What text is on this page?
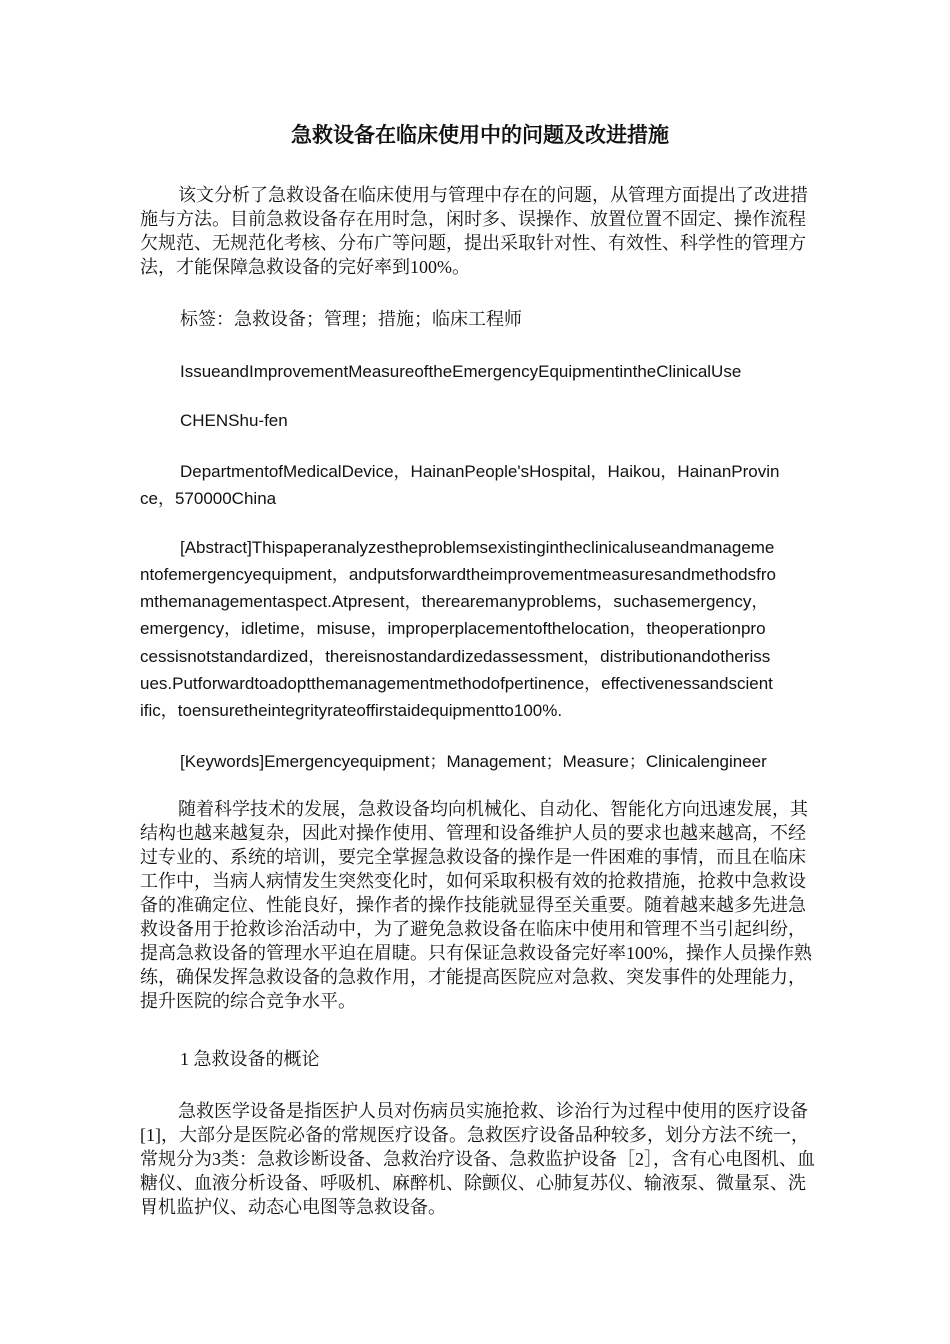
急救设备在临床使用中的问题及改进措施

该文分析了急救设备在临床使用与管理中存在的问题，从管理方面提出了改进措施与方法。目前急救设备存在用时急，闲时多、误操作、放置位置不固定、操作流程欠规范、无规范化考核、分布广等问题，提出采取针对性、有效性、科学性的管理方法，才能保障急救设备的完好率到100%。

标签：急救设备；管理；措施；临床工程师

IssueandImprovementMeasureoftheEmergencyEquipmentintheClinicalUse

CHENShu-fen

DepartmentofMedicalDevice，HainanPeople'sHospital，Haikou，HainanProvin

ce，570000China

[Abstract]Thispaperanalyzestheproblemsexistingintheclinicaluseandmanageme

ntofemergencyequipment，andputsforwardtheimprovementmeasuresandmethodsfro

mthemanagementaspect.Atpresent，therearemanyproblems，suchasemergency，

emergency，idletime，misuse，improperplacementofthelocation，theoperationpro

cessisnotstandardized，thereisnostandardizedassessment，distributionandotheriss

ues.Putforwardtoadoptthemanagementmethodofpertinence，effectivenessandscient

ific，toensuretheintegrityrateoffirstaidequipmentto100%.

[Keywords]Emergencyequipment；Management；Measure；Clinicalengineer

随着科学技术的发展，急救设备均向机械化、自动化、智能化方向迅速发展，其结构也越来越复杂，因此对操作使用、管理和设备维护人员的要求也越来越高，不经过专业的、系统的培训，要完全掌握急救设备的操作是一件困难的事情，而且在临床工作中，当病人病情发生突然变化时，如何采取积极有效的抢救措施，抢救中急救设备的准确定位、性能良好，操作者的操作技能就显得至关重要。随着越来越多先进急救设备用于抢救诊治活动中，为了避免急救设备在临床中使用和管理不当引起纠纷，提高急救设备的管理水平迫在眉睫。只有保证急救设备完好率100%，操作人员操作熟练，确保发挥急救设备的急救作用，才能提高医院应对急救、突发事件的处理能力，提升医院的综合竞争水平。

1 急救设备的概论

急救医学设备是指医护人员对伤病员实施抢救、诊治行为过程中使用的医疗设备[1]，大部分是医院必备的常规医疗设备。急救医疗设备品种较多，划分方法不统一，常规分为3类：急救诊断设备、急救治疗设备、急救监护设备［2］，含有心电图机、血糖仪、血液分析设备、呼吸机、麻醉机、除颤仪、心肺复苏仪、输液泵、微量泵、洗胃机监护仪、动态心电图等急救设备。
